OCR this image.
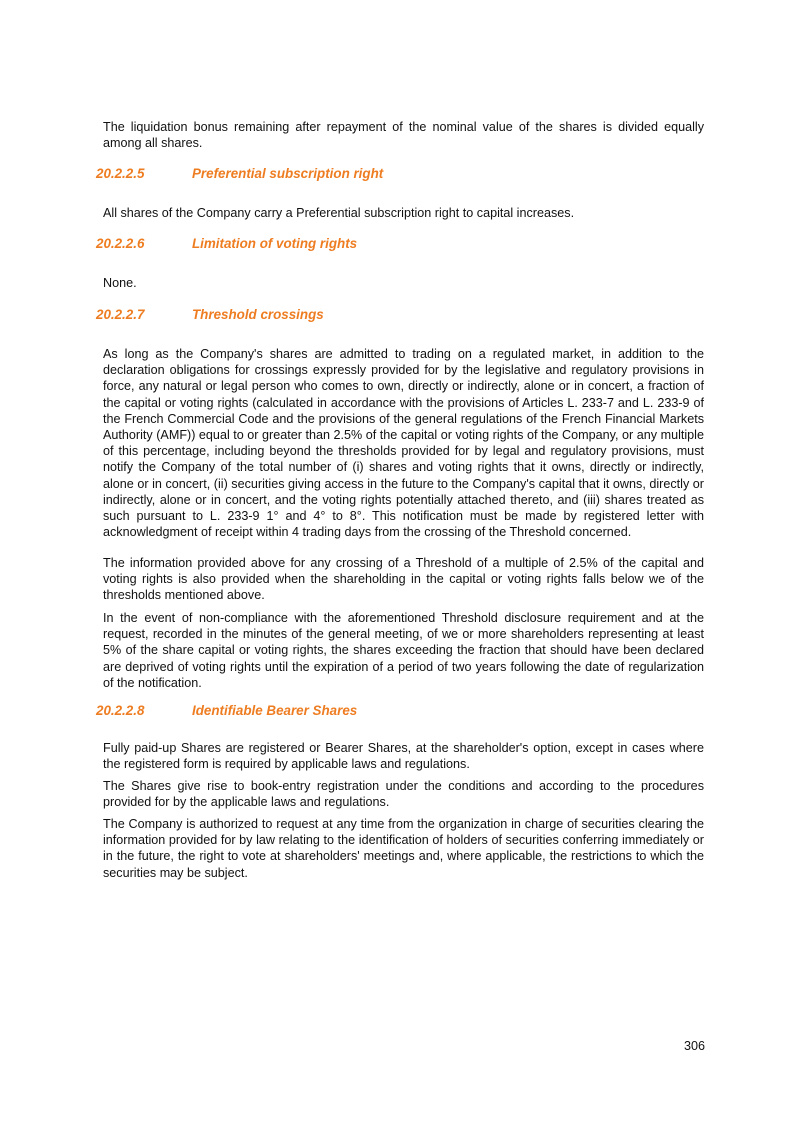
The liquidation bonus remaining after repayment of the nominal value of the shares is divided equally among all shares.

20.2.2.5	Preferential subscription right

All shares of the Company carry a Preferential subscription right to capital increases.

20.2.2.6	Limitation of voting rights

None.

20.2.2.7	Threshold crossings

As long as the Company's shares are admitted to trading on a regulated market, in addition to the declaration obligations for crossings expressly provided for by the legislative and regulatory provisions in force, any natural or legal person who comes to own, directly or indirectly, alone or in concert, a fraction of the capital or voting rights (calculated in accordance with the provisions of Articles L. 233-7 and L. 233-9 of the French Commercial Code and the provisions of the general regulations of the French Financial Markets Authority (AMF)) equal to or greater than 2.5% of the capital or voting rights of the Company, or any multiple of this percentage, including beyond the thresholds provided for by legal and regulatory provisions, must notify the Company of the total number of (i) shares and voting rights that it owns, directly or indirectly, alone or in concert, (ii) securities giving access in the future to the Company's capital that it owns, directly or indirectly, alone or in concert, and the voting rights potentially attached thereto, and (iii) shares treated as such pursuant to L. 233-9 1° and 4° to 8°. This notification must be made by registered letter with acknowledgment of receipt within 4 trading days from the crossing of the Threshold concerned.

The information provided above for any crossing of a Threshold of a multiple of 2.5% of the capital and voting rights is also provided when the shareholding in the capital or voting rights falls below we of the thresholds mentioned above.

In the event of non-compliance with the aforementioned Threshold disclosure requirement and at the request, recorded in the minutes of the general meeting, of we or more shareholders representing at least 5% of the share capital or voting rights, the shares exceeding the fraction that should have been declared are deprived of voting rights until the expiration of a period of two years following the date of regularization of the notification.

20.2.2.8	Identifiable Bearer Shares

Fully paid-up Shares are registered or Bearer Shares, at the shareholder's option, except in cases where the registered form is required by applicable laws and regulations.

The Shares give rise to book-entry registration under the conditions and according to the procedures provided for by the applicable laws and regulations.

The Company is authorized to request at any time from the organization in charge of securities clearing the information provided for by law relating to the identification of holders of securities conferring immediately or in the future, the right to vote at shareholders' meetings and, where applicable, the restrictions to which the securities may be subject.

306
